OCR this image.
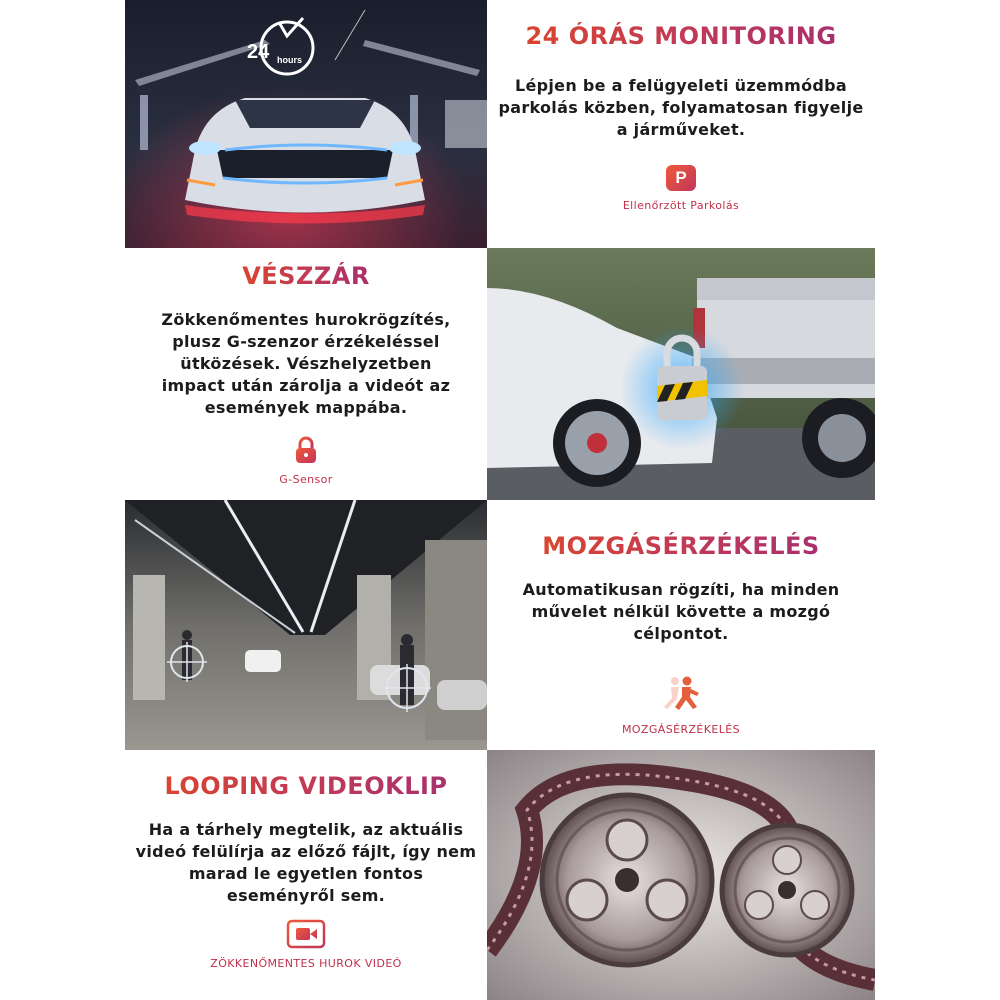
24 hours
24 ÓRÁS MONITORING

Lépjen be a felügyeleti üzemmódba

parkolás közben, folyamatosan figyelje

a járműveket.

P
Ellenőrzött Parkolás
VÉSZZÁR

Zökkenőmentes hurokrögzítés,

plusz G-szenzor érzékeléssel

ütközések. Vészhelyzetben

impact után zárolja a videót az

események mappába.

G-Sensor
MOZGÁSÉRZÉKELÉS

Automatikusan rögzíti, ha minden

művelet nélkül követte a mozgó célpontot.

MOZGÁSÉRZÉKELÉS
LOOPING VIDEOKLIP

Ha a tárhely megtelik, az aktuális

videó felülírja az előző fájlt, így nem

marad le egyetlen fontos

eseményről sem.

ZÖKKENŐMENTES HUROK VIDEÓ
